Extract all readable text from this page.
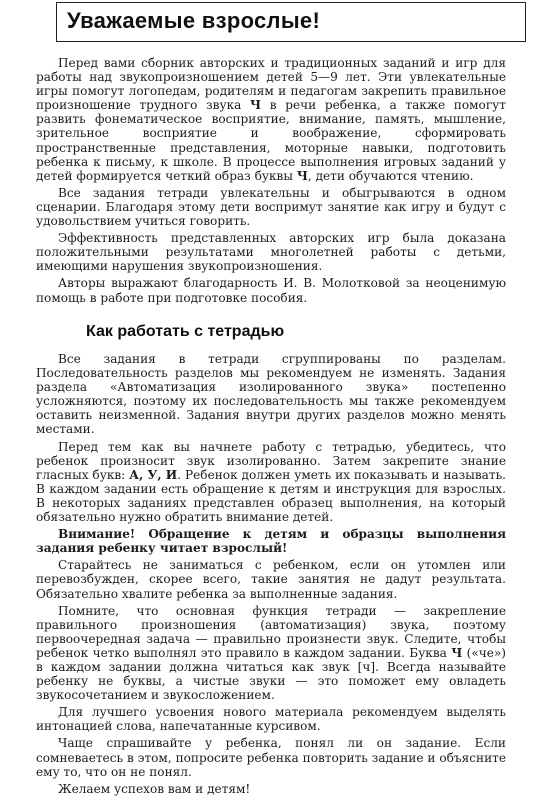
Уважаемые взрослые!

Перед вами сборник авторских и традиционных заданий и игр для работы над звукопроизношением детей 5—9 лет. Эти увлекательные игры помогут логопедам, родителям и педагогам закрепить правильное произношение трудного звука Ч в речи ребенка, а также помогут развить фонематическое восприятие, внимание, память, мышление, зрительное восприятие и воображение, сформировать пространственные представления, моторные навыки, подготовить ребенка к письму, к школе. В процессе выполнения игровых заданий у детей формируется четкий образ буквы Ч, дети обучаются чтению.

Все задания тетради увлекательны и обыгрываются в одном сценарии. Благодаря этому дети воспримут занятие как игру и будут с удовольствием учиться говорить.

Эффективность представленных авторских игр была доказана положительными результатами многолетней работы с детьми, имеющими нарушения звукопроизношения.

Авторы выражают благодарность И. В. Молотковой за неоценимую помощь в работе при подготовке пособия.

Как работать с тетрадью

Все задания в тетради сгруппированы по разделам. Последовательность разделов мы рекомендуем не изменять. Задания раздела «Автоматизация изолированного звука» постепенно усложняются, поэтому их последовательность мы также рекомендуем оставить неизменной. Задания внутри других разделов можно менять местами.

Перед тем как вы начнете работу с тетрадью, убедитесь, что ребенок произносит звук изолированно. Затем закрепите знание гласных букв: А, У, И. Ребенок должен уметь их показывать и называть. В каждом задании есть обращение к детям и инструкция для взрослых. В некоторых заданиях представлен образец выполнения, на который обязательно нужно обратить внимание детей.

Внимание! Обращение к детям и образцы выполнения задания ребенку читает взрослый!

Старайтесь не заниматься с ребенком, если он утомлен или перевозбужден, скорее всего, такие занятия не дадут результата. Обязательно хвалите ребенка за выполненные задания.

Помните, что основная функция тетради — закрепление правильного произношения (автоматизация) звука, поэтому первоочередная задача — правильно произнести звук. Следите, чтобы ребенок четко выполнял это правило в каждом задании. Буква Ч («че») в каждом задании должна читаться как звук [ч]. Всегда называйте ребенку не буквы, а чистые звуки — это поможет ему овладеть звукосочетанием и звукосложением.

Для лучшего усвоения нового материала рекомендуем выделять интонацией слова, напечатанные курсивом.

Чаще спрашивайте у ребенка, понял ли он задание. Если сомневаетесь в этом, попросите ребенка повторить задание и объясните ему то, что он не понял.

Желаем успехов вам и детям!
